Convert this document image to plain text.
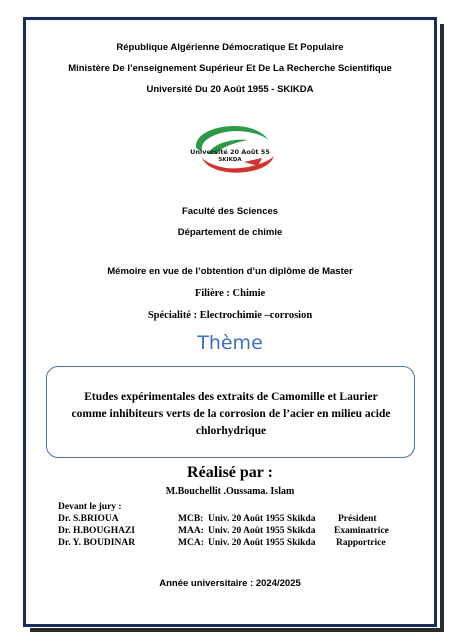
République Algérienne Démocratique Et Populaire
Ministère De l’enseignement Supérieur Et De La Recherche Scientifique
Université Du 20 Août 1955 - SKIKDA
Université 20 Août 55
SKIKDA
Faculté des Sciences
Département de chimie
Mémoire en vue de l’obtention d’un diplôme de Master
Filière : Chimie
Spécialité : Electrochimie –corrosion
Thème
Etudes expérimentales des extraits de Camomille et Laurier
comme inhibiteurs verts de la corrosion de l’acier en milieu acide
chlorhydrique
Réalisé par :
M.Bouchellit .Oussama. Islam
Devant le jury :
Dr. S.BRIOUA	MCB: Univ. 20 Août 1955 Skikda Président
Dr. H.BOUGHAZI	MAA: Univ. 20 Août 1955 Skikda Examinatrice
Dr. Y. BOUDINAR	MCA: Univ. 20 Août 1955 Skikda Rapportrice
Année universitaire : 2024/2025
